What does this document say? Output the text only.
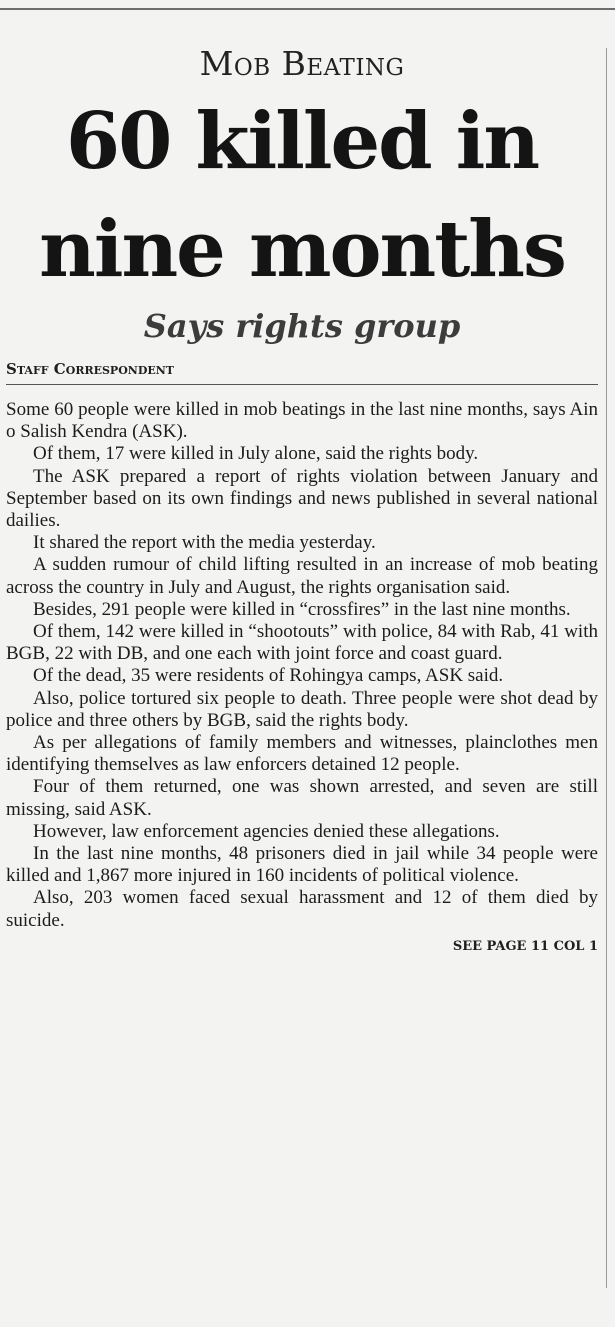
Mob Beating
60 killed in nine months
Says rights group
Staff Correspondent

Some 60 people were killed in mob beatings in the last nine months, says Ain o Salish Kendra (ASK).

Of them, 17 were killed in July alone, said the rights body.

The ASK prepared a report of rights violation between January and September based on its own findings and news published in several national dailies.

It shared the report with the media yesterday.

A sudden rumour of child lifting resulted in an increase of mob beating across the country in July and August, the rights organisation said.

Besides, 291 people were killed in “crossfires” in the last nine months.

Of them, 142 were killed in “shootouts” with police, 84 with Rab, 41 with BGB, 22 with DB, and one each with joint force and coast guard.

Of the dead, 35 were residents of Rohingya camps, ASK said.

Also, police tortured six people to death. Three people were shot dead by police and three others by BGB, said the rights body.

As per allegations of family members and witnesses, plainclothes men identifying themselves as law enforcers detained 12 people.

Four of them returned, one was shown arrested, and seven are still missing, said ASK.

However, law enforcement agencies denied these allegations.

In the last nine months, 48 prisoners died in jail while 34 people were killed and 1,867 more injured in 160 incidents of political violence.

Also, 203 women faced sexual harassment and 12 of them died by suicide.

SEE PAGE 11 COL 1
